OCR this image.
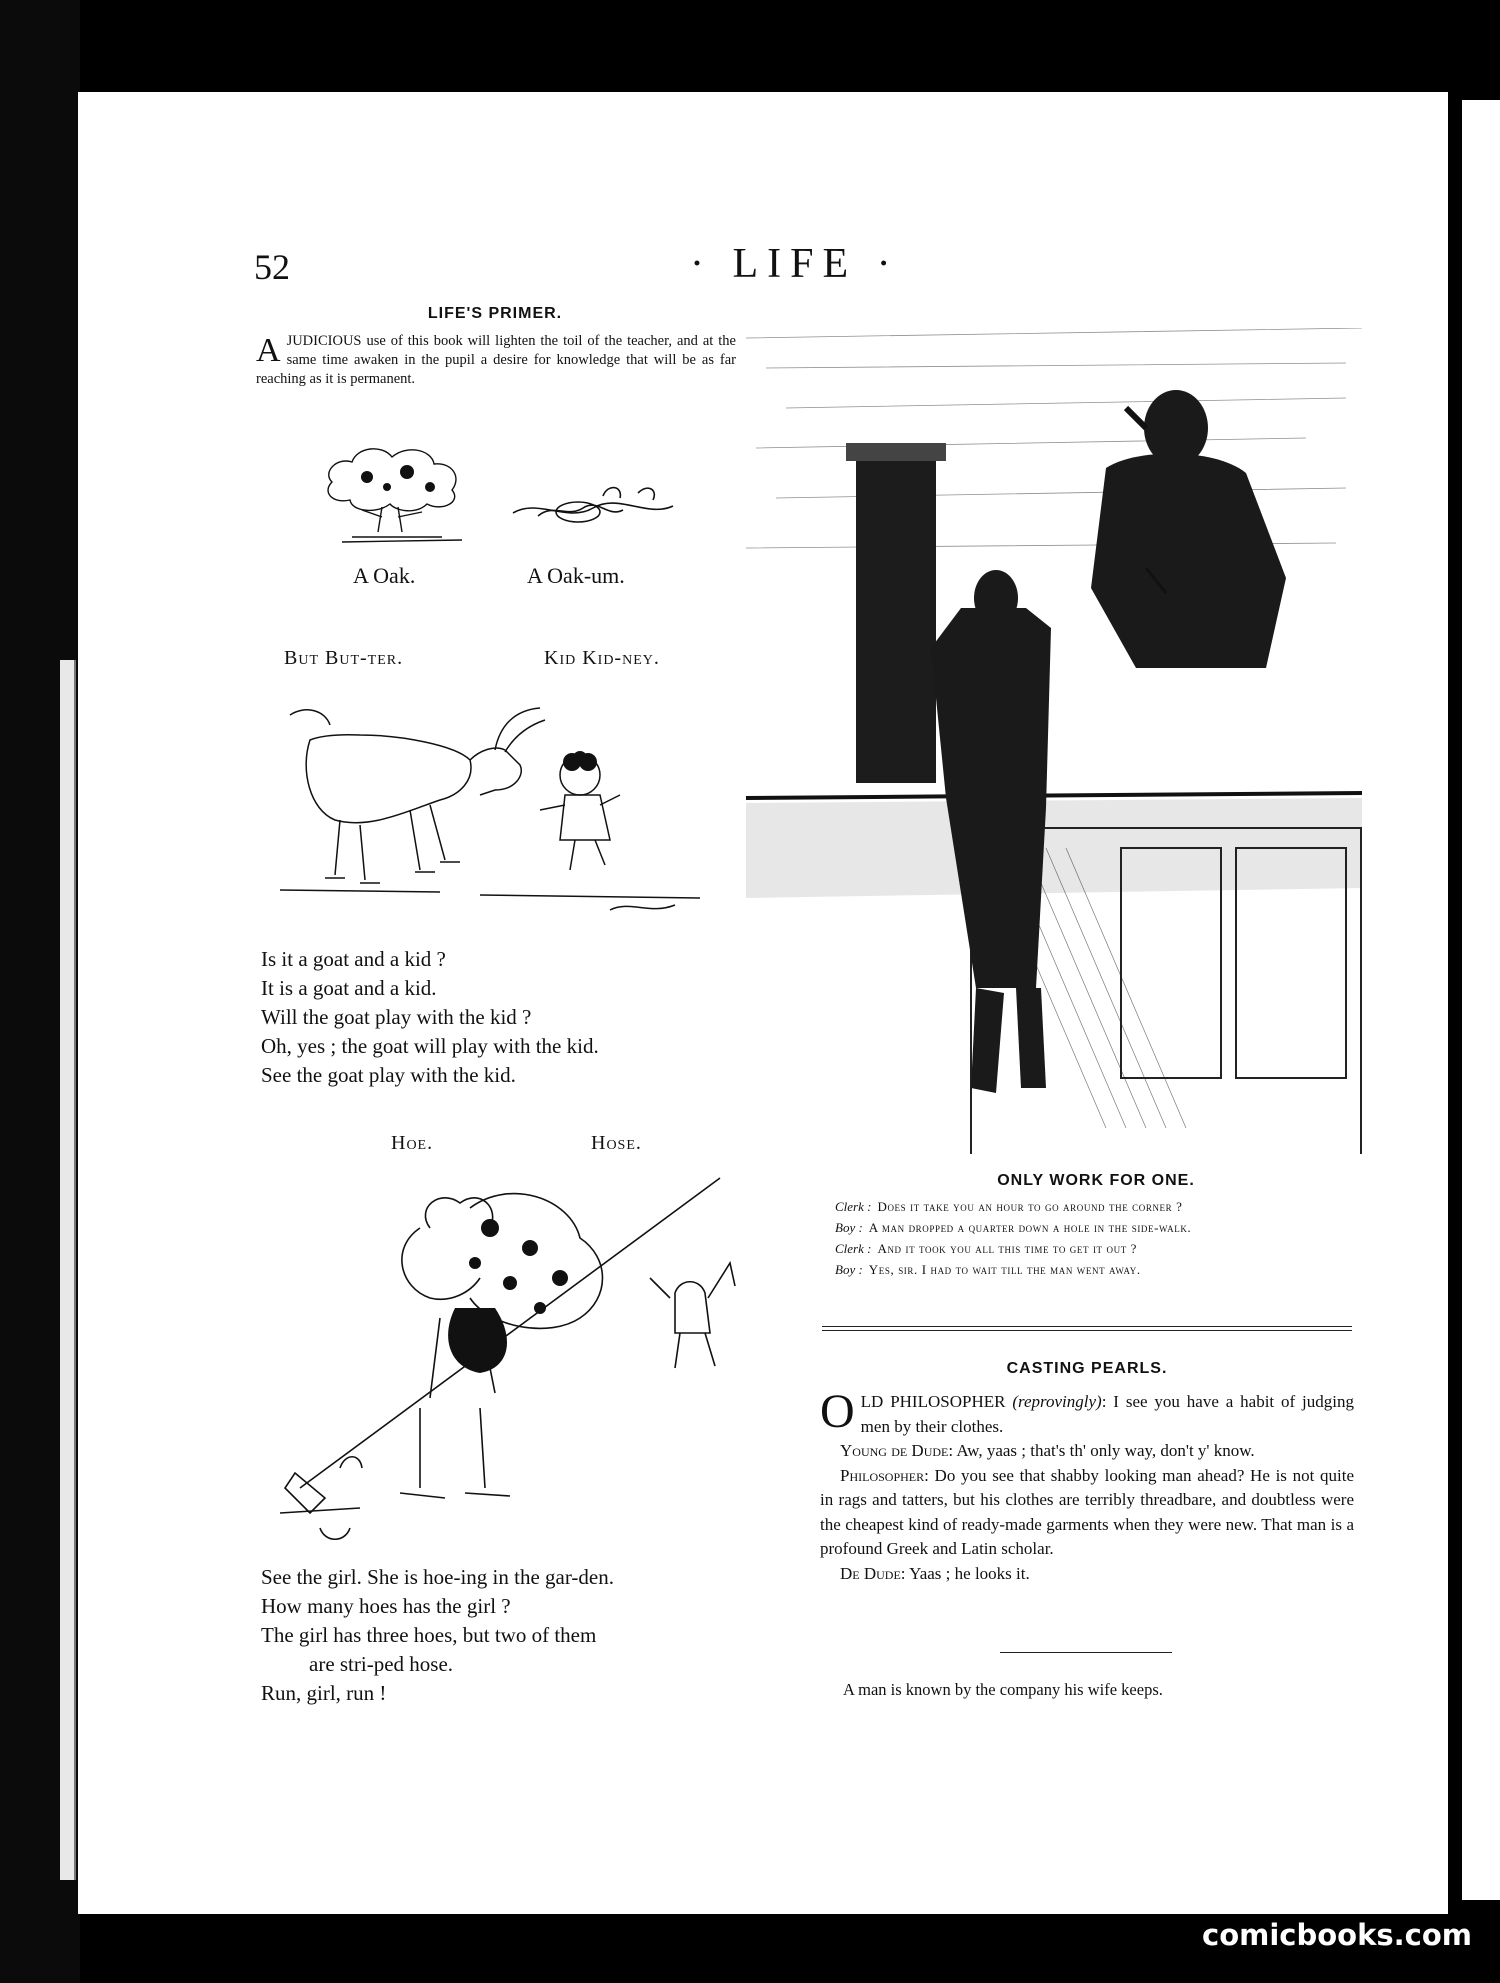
52	· LIFE ·
LIFE'S PRIMER.
A JUDICIOUS use of this book will lighten the toil of the teacher, and at the same time awaken in the pupil a desire for knowledge that will be as far reaching as it is permanent.
A Oak.	A Oak-um.
But But-ter.	Kid Kid-ney.
Is it a goat and a kid ?
It is a goat and a kid.
Will the goat play with the kid ?
Oh, yes ; the goat will play with the kid.
See the goat play with the kid.
Hoe.	Hose.
See the girl. She is hoe-ing in the gar-den.
How many hoes has the girl ?
The girl has three hoes, but two of them
are stri-ped hose.
Run, girl, run !
ONLY WORK FOR ONE.
Clerk : Does it take you an hour to go around the corner ?
Boy : A man dropped a quarter down a hole in the side-walk.
Clerk : And it took you all this time to get it out ?
Boy : Yes, sir. I had to wait till the man went away.
CASTING PEARLS.

OLD PHILOSOPHER (reprovingly): I see you have a habit of judging men by their clothes.

Young de Dude: Aw, yaas ; that's th' only way, don't y' know.

Philosopher: Do you see that shabby looking man ahead? He is not quite in rags and tatters, but his clothes are terribly threadbare, and doubtless were the cheapest kind of ready-made garments when they were new. That man is a profound Greek and Latin scholar.

De Dude: Yaas ; he looks it.

A man is known by the company his wife keeps.
comicbooks.com
